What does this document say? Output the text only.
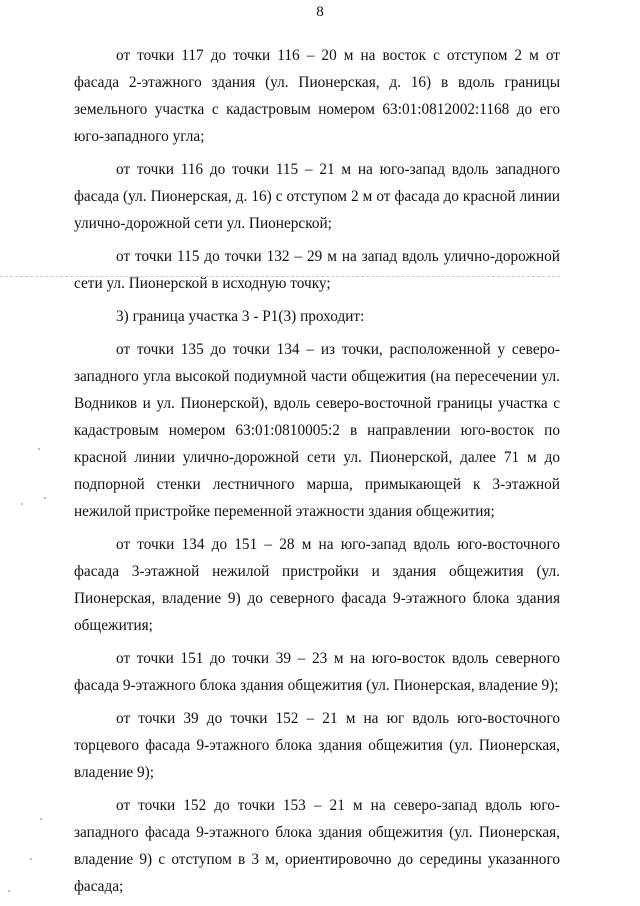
8

от точки 117 до точки 116 – 20 м на восток с отступом 2 м от фасада 2-этажного здания (ул. Пионерская, д. 16) в вдоль границы земельного участка с кадастровым номером 63:01:0812002:1168 до его юго-западного угла;

от точки 116 до точки 115 – 21 м на юго-запад вдоль западного фасада (ул. Пионерская, д. 16) с отступом 2 м от фасада до красной линии улично-дорожной сети ул. Пионерской;

от точки 115 до точки 132 – 29 м на запад вдоль улично-дорожной сети ул. Пионерской в исходную точку;

3) граница участка 3 - Р1(3) проходит:

от точки 135 до точки 134 – из точки, расположенной у северо-западного угла высокой подиумной части общежития (на пересечении ул. Водников и ул. Пионерской), вдоль северо-восточной границы участка с кадастровым номером 63:01:0810005:2 в направлении юго-восток по красной линии улично-дорожной сети ул. Пионерской, далее 71 м до подпорной стенки лестничного марша, примыкающей к 3-этажной нежилой пристройке переменной этажности здания общежития;

от точки 134 до 151 – 28 м на юго-запад вдоль юго-восточного фасада 3-этажной нежилой пристройки и здания общежития (ул. Пионерская, владение 9) до северного фасада 9-этажного блока здания общежития;

от точки 151 до точки 39 – 23 м на юго-восток вдоль северного фасада 9-этажного блока здания общежития (ул. Пионерская, владение 9);

от точки 39 до точки 152 – 21 м на юг вдоль юго-восточного торцевого фасада 9-этажного блока здания общежития (ул. Пионерская, владение 9);

от точки 152 до точки 153 – 21 м на северо-запад вдоль юго-западного фасада 9-этажного блока здания общежития (ул. Пионерская, владение 9) с отступом в 3 м, ориентировочно до середины указанного фасада;
